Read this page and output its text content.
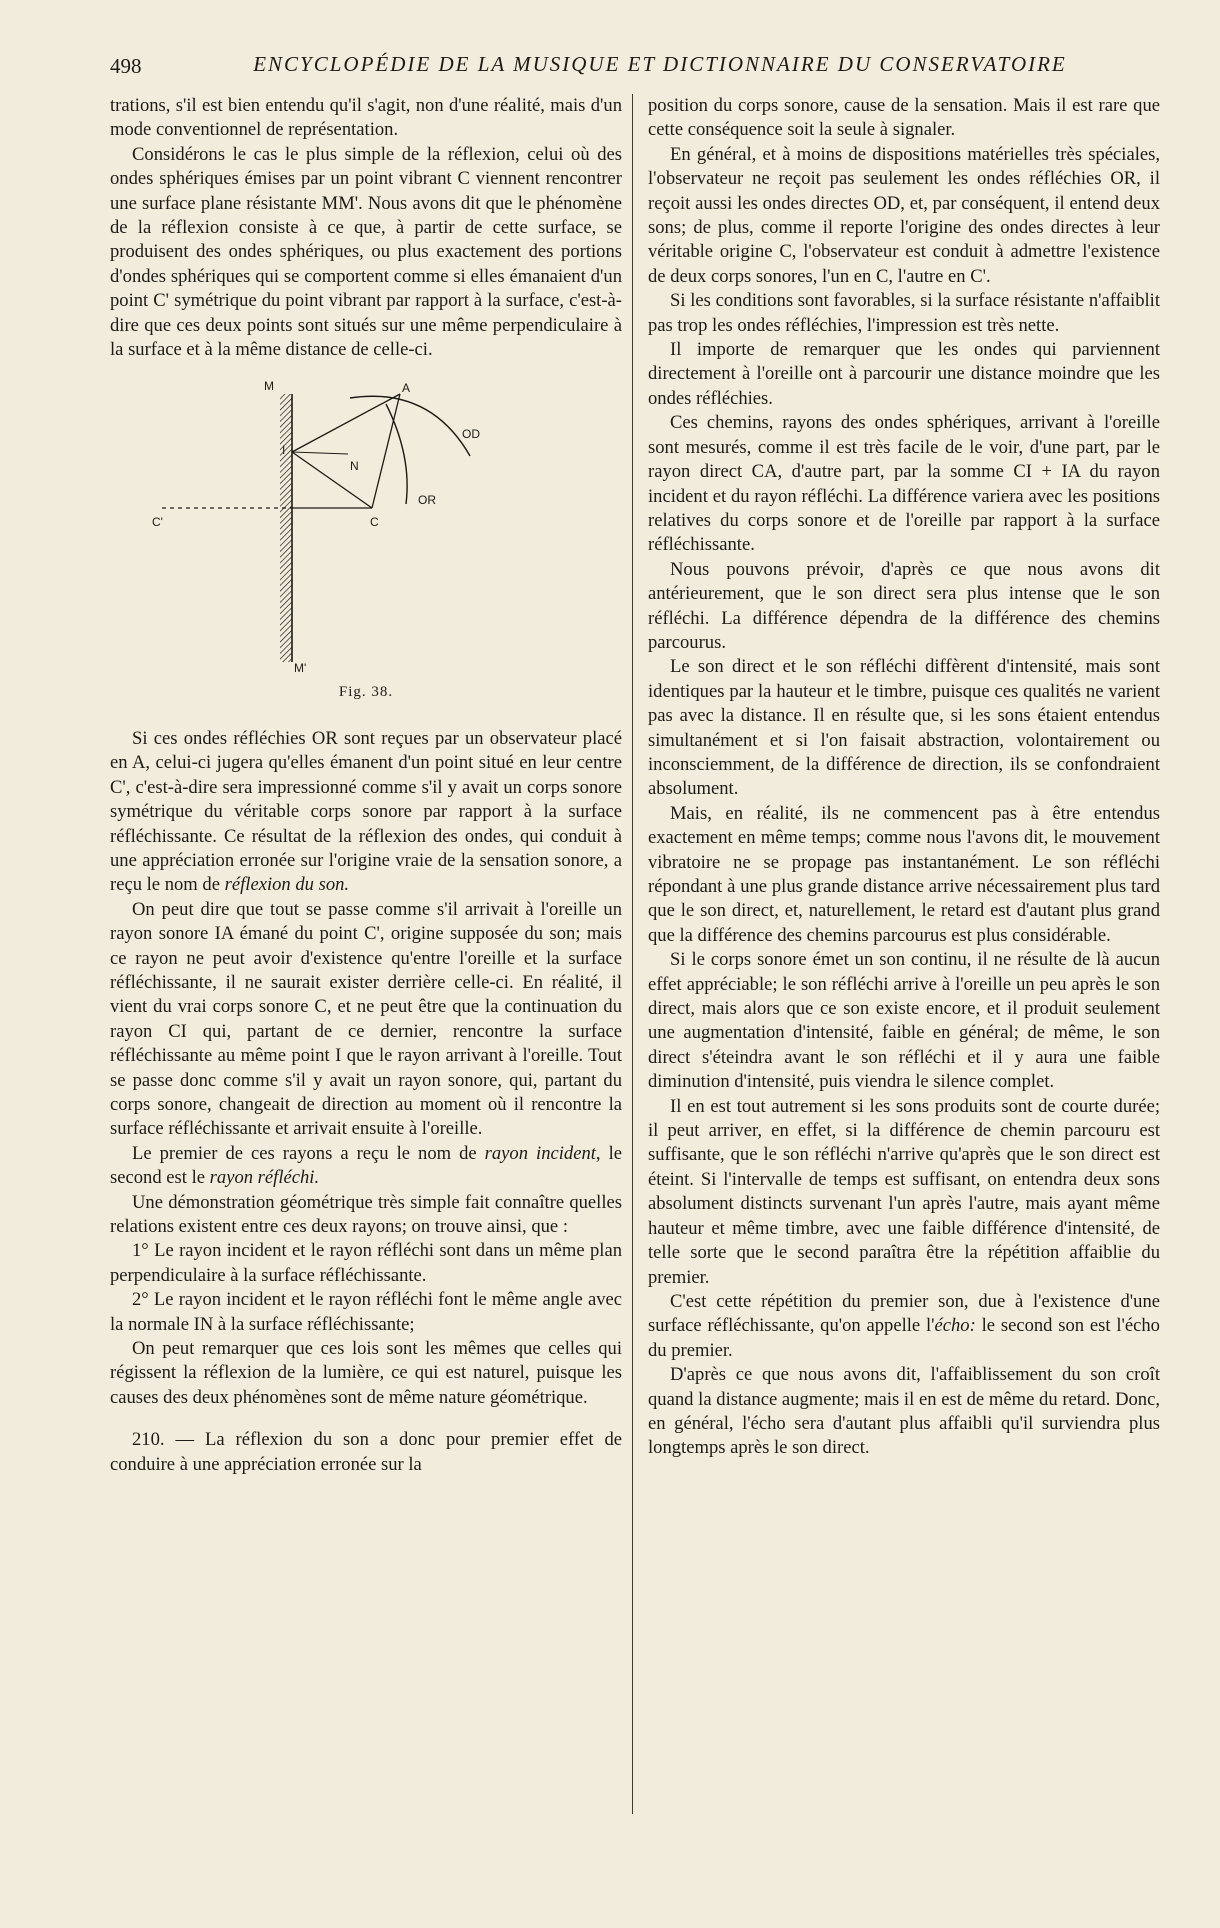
498	ENCYCLOPÉDIE DE LA MUSIQUE ET DICTIONNAIRE DU CONSERVATOIRE

trations, s'il est bien entendu qu'il s'agit, non d'une réalité, mais d'un mode conventionnel de représentation.

Considérons le cas le plus simple de la réflexion, celui où des ondes sphériques émises par un point vibrant C viennent rencontrer une surface plane résistante MM'. Nous avons dit que le phénomène de la réflexion consiste à ce que, à partir de cette surface, se produisent des ondes sphériques, ou plus exactement des portions d'ondes sphériques qui se comportent comme si elles émanaient d'un point C' symétrique du point vibrant par rapport à la surface, c'est-à-dire que ces deux points sont situés sur une même perpendiculaire à la surface et à la même distance de celle-ci.

M
M'
A
I
N
C
C'
OD
OR
Fig. 38.

Si ces ondes réfléchies OR sont reçues par un observateur placé en A, celui-ci jugera qu'elles émanent d'un point situé en leur centre C', c'est-à-dire sera impressionné comme s'il y avait un corps sonore symétrique du véritable corps sonore par rapport à la surface réfléchissante. Ce résultat de la réflexion des ondes, qui conduit à une appréciation erronée sur l'origine vraie de la sensation sonore, a reçu le nom de réflexion du son.

On peut dire que tout se passe comme s'il arrivait à l'oreille un rayon sonore IA émané du point C', origine supposée du son; mais ce rayon ne peut avoir d'existence qu'entre l'oreille et la surface réfléchissante, il ne saurait exister derrière celle-ci. En réalité, il vient du vrai corps sonore C, et ne peut être que la continuation du rayon CI qui, partant de ce dernier, rencontre la surface réfléchissante au même point I que le rayon arrivant à l'oreille. Tout se passe donc comme s'il y avait un rayon sonore, qui, partant du corps sonore, changeait de direction au moment où il rencontre la surface réfléchissante et arrivait ensuite à l'oreille.

Le premier de ces rayons a reçu le nom de rayon incident, le second est le rayon réfléchi.

Une démonstration géométrique très simple fait connaître quelles relations existent entre ces deux rayons; on trouve ainsi, que :

1° Le rayon incident et le rayon réfléchi sont dans un même plan perpendiculaire à la surface réfléchissante.

2° Le rayon incident et le rayon réfléchi font le même angle avec la normale IN à la surface réfléchissante;

On peut remarquer que ces lois sont les mêmes que celles qui régissent la réflexion de la lumière, ce qui est naturel, puisque les causes des deux phénomènes sont de même nature géométrique.

210. — La réflexion du son a donc pour premier effet de conduire à une appréciation erronée sur la

position du corps sonore, cause de la sensation. Mais il est rare que cette conséquence soit la seule à signaler.

En général, et à moins de dispositions matérielles très spéciales, l'observateur ne reçoit pas seulement les ondes réfléchies OR, il reçoit aussi les ondes directes OD, et, par conséquent, il entend deux sons; de plus, comme il reporte l'origine des ondes directes à leur véritable origine C, l'observateur est conduit à admettre l'existence de deux corps sonores, l'un en C, l'autre en C'.

Si les conditions sont favorables, si la surface résistante n'affaiblit pas trop les ondes réfléchies, l'impression est très nette.

Il importe de remarquer que les ondes qui parviennent directement à l'oreille ont à parcourir une distance moindre que les ondes réfléchies.

Ces chemins, rayons des ondes sphériques, arrivant à l'oreille sont mesurés, comme il est très facile de le voir, d'une part, par le rayon direct CA, d'autre part, par la somme CI + IA du rayon incident et du rayon réfléchi. La différence variera avec les positions relatives du corps sonore et de l'oreille par rapport à la surface réfléchissante.

Nous pouvons prévoir, d'après ce que nous avons dit antérieurement, que le son direct sera plus intense que le son réfléchi. La différence dépendra de la différence des chemins parcourus.

Le son direct et le son réfléchi diffèrent d'intensité, mais sont identiques par la hauteur et le timbre, puisque ces qualités ne varient pas avec la distance. Il en résulte que, si les sons étaient entendus simultanément et si l'on faisait abstraction, volontairement ou inconsciemment, de la différence de direction, ils se confondraient absolument.

Mais, en réalité, ils ne commencent pas à être entendus exactement en même temps; comme nous l'avons dit, le mouvement vibratoire ne se propage pas instantanément. Le son réfléchi répondant à une plus grande distance arrive nécessairement plus tard que le son direct, et, naturellement, le retard est d'autant plus grand que la différence des chemins parcourus est plus considérable.

Si le corps sonore émet un son continu, il ne résulte de là aucun effet appréciable; le son réfléchi arrive à l'oreille un peu après le son direct, mais alors que ce son existe encore, et il produit seulement une augmentation d'intensité, faible en général; de même, le son direct s'éteindra avant le son réfléchi et il y aura une faible diminution d'intensité, puis viendra le silence complet.

Il en est tout autrement si les sons produits sont de courte durée; il peut arriver, en effet, si la différence de chemin parcouru est suffisante, que le son réfléchi n'arrive qu'après que le son direct est éteint. Si l'intervalle de temps est suffisant, on entendra deux sons absolument distincts survenant l'un après l'autre, mais ayant même hauteur et même timbre, avec une faible différence d'intensité, de telle sorte que le second paraîtra être la répétition affaiblie du premier.

C'est cette répétition du premier son, due à l'existence d'une surface réfléchissante, qu'on appelle l'écho: le second son est l'écho du premier.

D'après ce que nous avons dit, l'affaiblissement du son croît quand la distance augmente; mais il en est de même du retard. Donc, en général, l'écho sera d'autant plus affaibli qu'il surviendra plus longtemps après le son direct.
